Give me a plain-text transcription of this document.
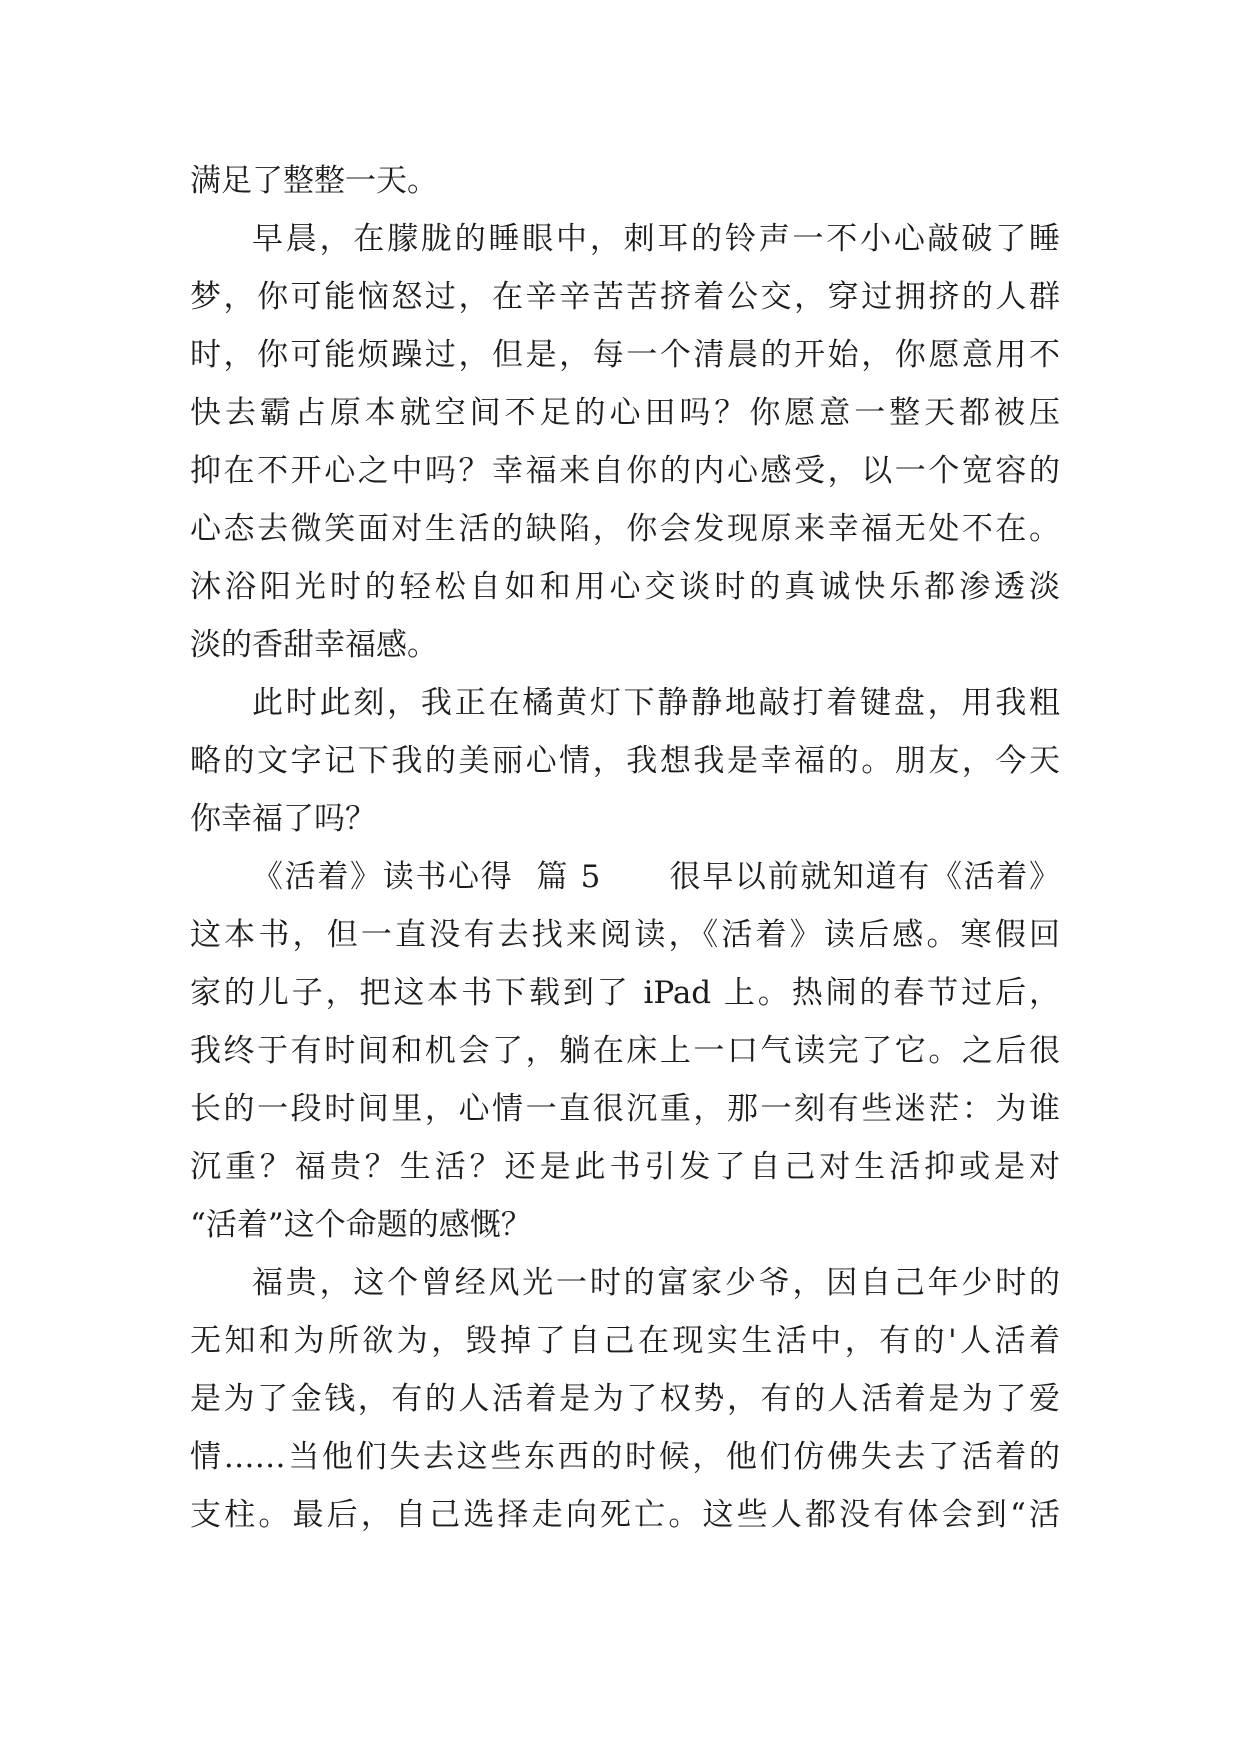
满足了整整一天。
早晨，在朦胧的睡眼中，刺耳的铃声一不小心敲破了睡
梦，你可能恼怒过，在辛辛苦苦挤着公交，穿过拥挤的人群
时，你可能烦躁过，但是，每一个清晨的开始，你愿意用不
快去霸占原本就空间不足的心田吗？你愿意一整天都被压
抑在不开心之中吗？幸福来自你的内心感受，以一个宽容的
心态去微笑面对生活的缺陷，你会发现原来幸福无处不在。
沐浴阳光时的轻松自如和用心交谈时的真诚快乐都渗透淡
淡的香甜幸福感。
此时此刻，我正在橘黄灯下静静地敲打着键盘，用我粗
略的文字记下我的美丽心情，我想我是幸福的。朋友，今天
你幸福了吗？
《活着》读书心得  篇 5      很早以前就知道有《活着》
这本书，但一直没有去找来阅读，《活着》读后感。寒假回
家的儿子，把这本书下载到了 iPad 上。热闹的春节过后，
我终于有时间和机会了，躺在床上一口气读完了它。之后很
长的一段时间里，心情一直很沉重，那一刻有些迷茫：为谁
沉重？福贵？生活？还是此书引发了自己对生活抑或是对
“活着”这个命题的感慨？
福贵，这个曾经风光一时的富家少爷，因自己年少时的
无知和为所欲为，毁掉了自己在现实生活中，有的'人活着
是为了金钱，有的人活着是为了权势，有的人活着是为了爱
情……当他们失去这些东西的时候，他们仿佛失去了活着的
支柱。最后，自己选择走向死亡。这些人都没有体会到“活
